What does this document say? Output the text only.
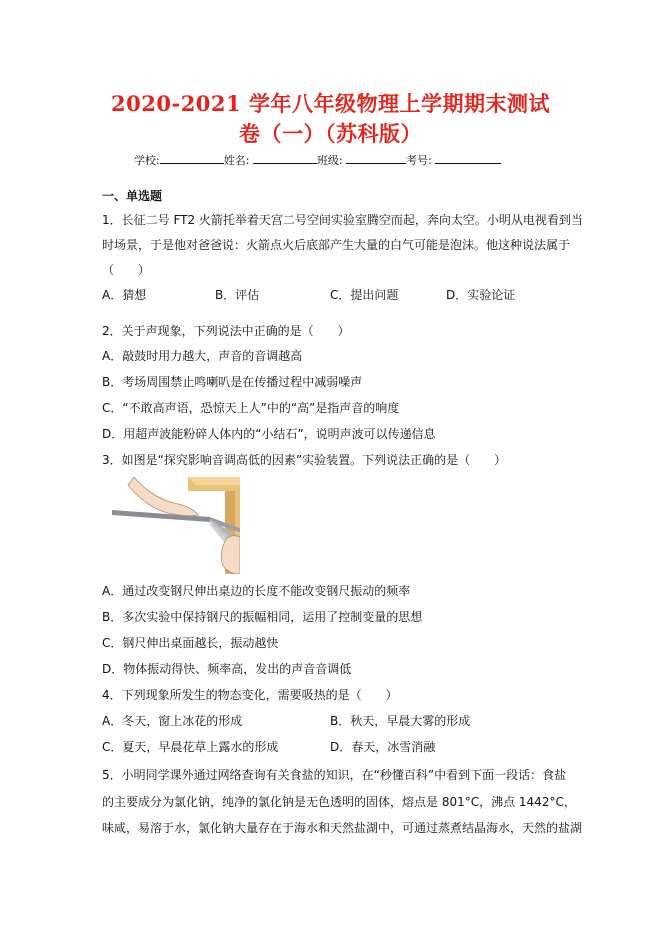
2020-2021 学年八年级物理上学期期末测试
卷（一）（苏科版）
学校:	姓名:	班级:	考号:
一、单选题
1．长征二号 FT2 火箭托举着天宫二号空间实验室腾空而起，奔向太空。小明从电视看到当
时场景，于是他对爸爸说：火箭点火后底部产生大量的白气可能是泡沫。他这种说法属于
（　　）
A．猜想	B．评估	C．提出问题	D．实验论证
2．关于声现象，下列说法中正确的是（　　）
A．敲鼓时用力越大，声音的音调越高
B．考场周围禁止鸣喇叭是在传播过程中减弱噪声
C．“不敢高声语，恐惊天上人”中的“高”是指声音的响度
D．用超声波能粉碎人体内的“小结石”，说明声波可以传递信息
3．如图是“探究影响音调高低的因素”实验装置。下列说法正确的是（　　）
A．通过改变钢尺伸出桌边的长度不能改变钢尺振动的频率
B．多次实验中保持钢尺的振幅相同，运用了控制变量的思想
C．钢尺伸出桌面越长，振动越快
D．物体振动得快、频率高，发出的声音音调低
4．下列现象所发生的物态变化，需要吸热的是（　　）
A．冬天，窗上冰花的形成	B．秋天，早晨大雾的形成
C．夏天，早晨花草上露水的形成	D．春天，冰雪消融
5．小明同学课外通过网络查询有关食盐的知识，在“秒懂百科”中看到下面一段话：食盐
的主要成分为氯化钠，纯净的氯化钠是无色透明的固体，熔点是 801°C，沸点 1442°C，
味咸，易溶于水，氯化钠大量存在于海水和天然盐湖中，可通过蒸煮结晶海水，天然的盐湖
